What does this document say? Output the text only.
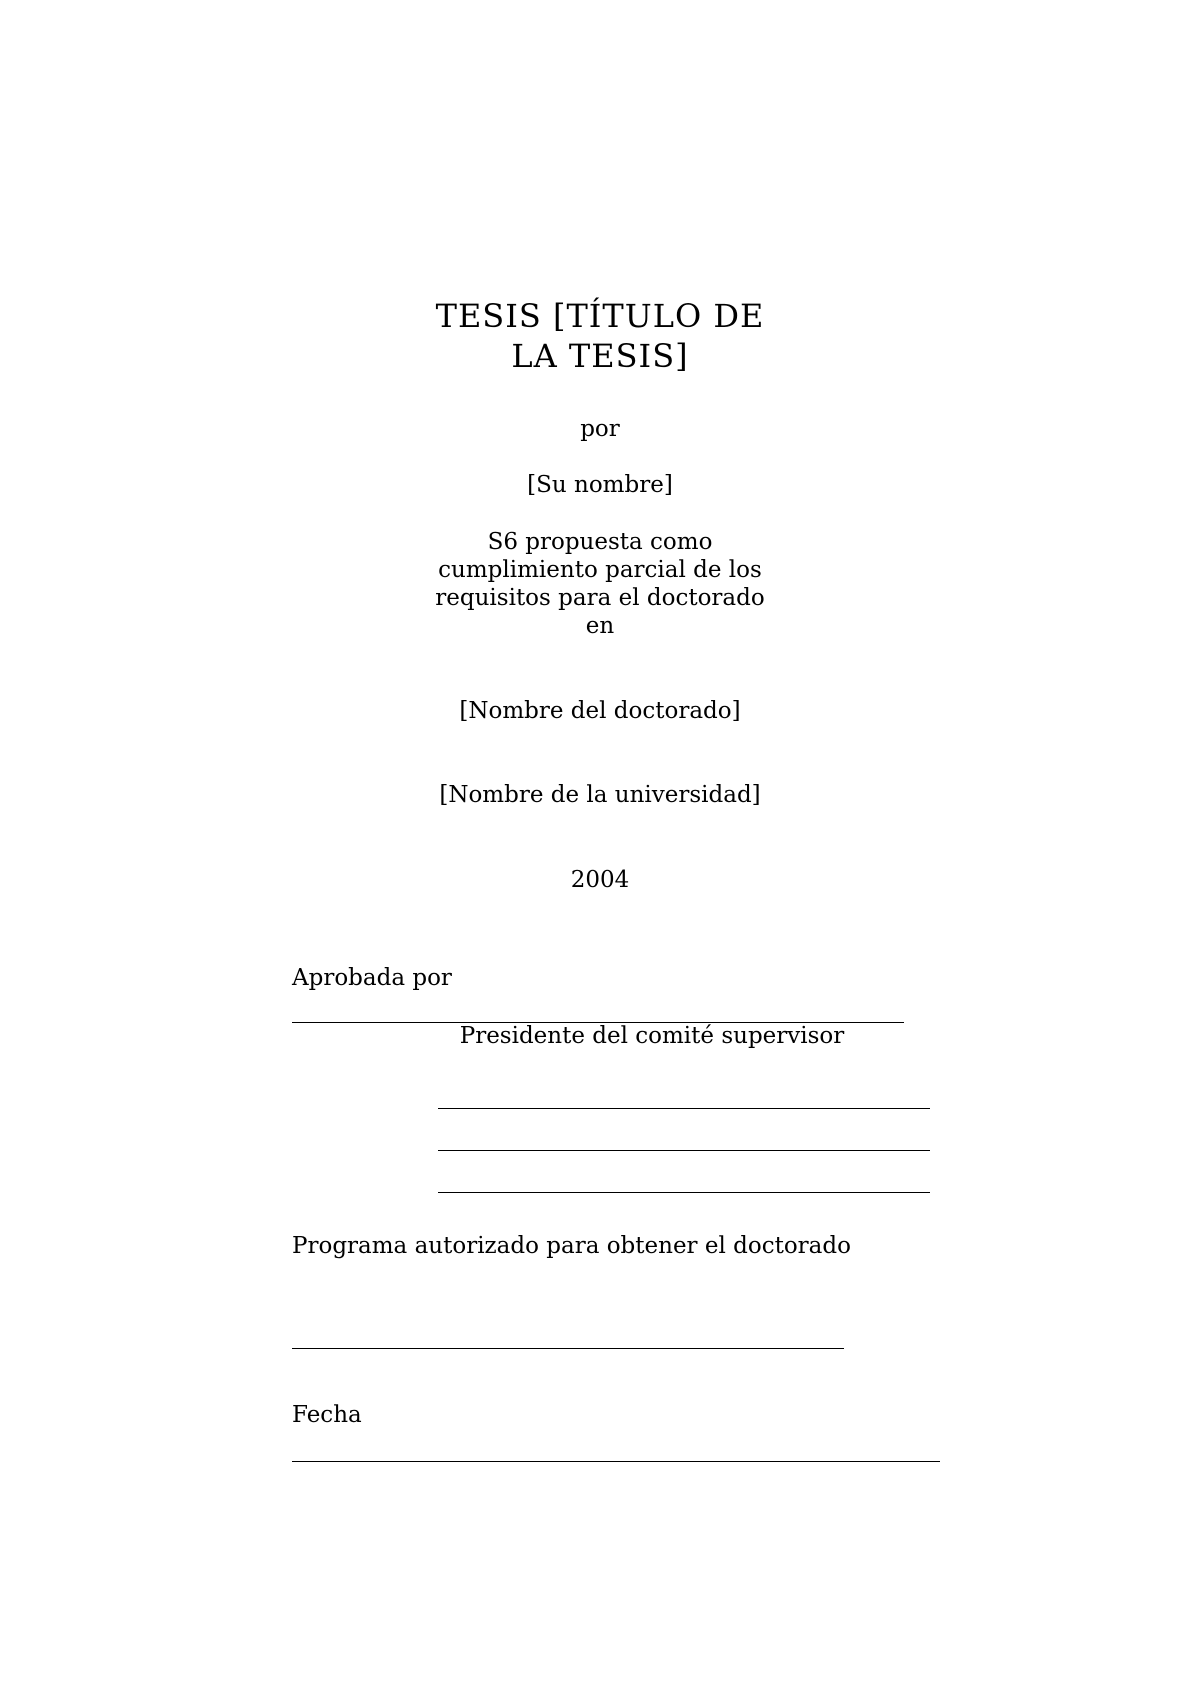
TESIS [TÍTULO DE
LA TESIS]
por
[Su nombre]
S6 propuesta como
cumplimiento parcial de los
requisitos para el doctorado
en
[Nombre del doctorado]
[Nombre de la universidad]
2004
Aprobada por
Presidente del comité supervisor
Programa autorizado para obtener el doctorado
Fecha
